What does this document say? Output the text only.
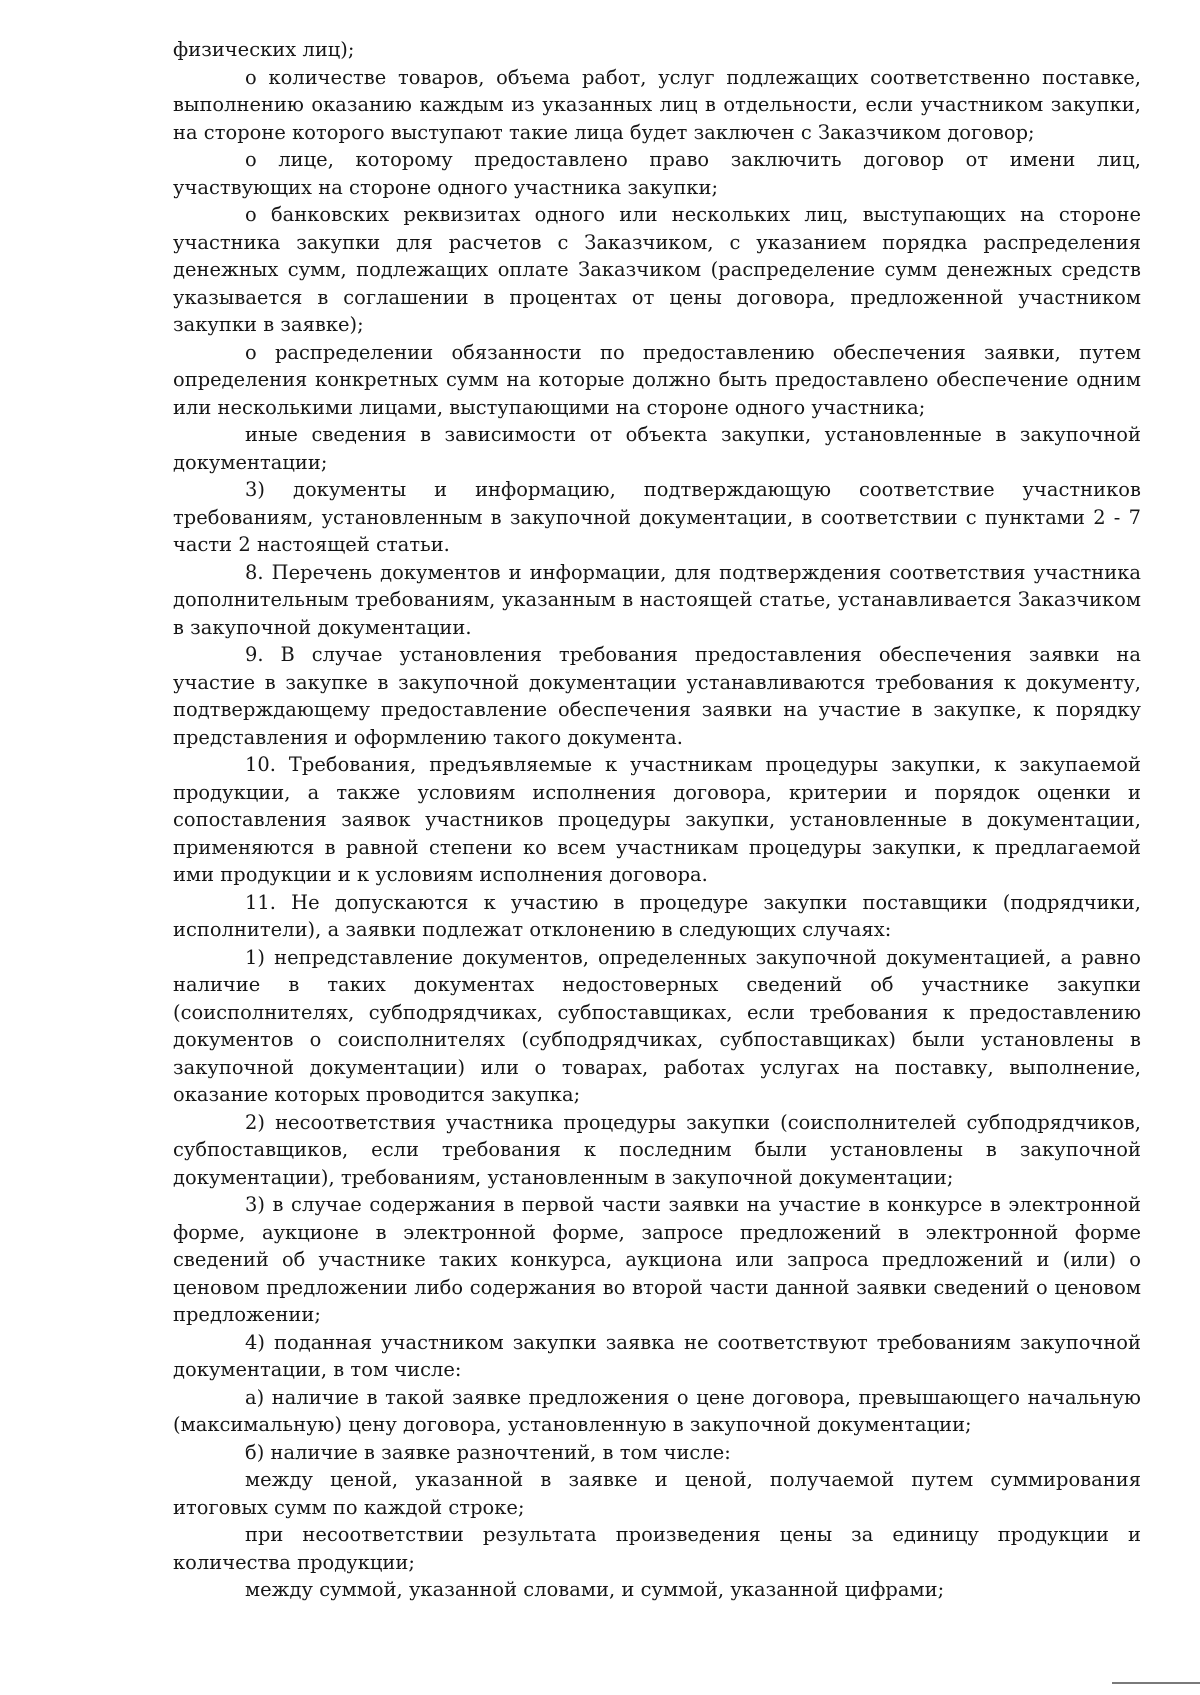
физических лиц);

о количестве товаров, объема работ, услуг подлежащих соответственно поставке, выполнению оказанию каждым из указанных лиц в отдельности, если участником закупки, на стороне которого выступают такие лица будет заключен с Заказчиком договор;

о лице, которому предоставлено право заключить договор от имени лиц, участвующих на стороне одного участника закупки;

о банковских реквизитах одного или нескольких лиц, выступающих на стороне участника закупки для расчетов с Заказчиком, с указанием порядка распределения денежных сумм, подлежащих оплате Заказчиком (распределение сумм денежных средств указывается в соглашении в процентах от цены договора, предложенной участником закупки в заявке);

о распределении обязанности по предоставлению обеспечения заявки, путем определения конкретных сумм на которые должно быть предоставлено обеспечение одним или несколькими лицами, выступающими на стороне одного участника;

иные сведения в зависимости от объекта закупки, установленные в закупочной документации;

3) документы и информацию, подтверждающую соответствие участников требованиям, установленным в закупочной документации, в соответствии с пунктами 2 - 7 части 2 настоящей статьи.

8. Перечень документов и информации, для подтверждения соответствия участника дополнительным требованиям, указанным в настоящей статье, устанавливается Заказчиком в закупочной документации.

9. В случае установления требования предоставления обеспечения заявки на участие в закупке в закупочной документации устанавливаются требования к документу, подтверждающему предоставление обеспечения заявки на участие в закупке, к порядку представления и оформлению такого документа.

10. Требования, предъявляемые к участникам процедуры закупки, к закупаемой продукции, а также условиям исполнения договора, критерии и порядок оценки и сопоставления заявок участников процедуры закупки, установленные в документации, применяются в равной степени ко всем участникам процедуры закупки, к предлагаемой ими продукции и к условиям исполнения договора.

11. Не допускаются к участию в процедуре закупки поставщики (подрядчики, исполнители), а заявки подлежат отклонению в следующих случаях:

1) непредставление документов, определенных закупочной документацией, а равно наличие в таких документах недостоверных сведений об участнике закупки (соисполнителях, субподрядчиках, субпоставщиках, если требования к предоставлению документов о соисполнителях (субподрядчиках, субпоставщиках) были установлены в закупочной документации) или о товарах, работах услугах на поставку, выполнение, оказание которых проводится закупка;

2) несоответствия участника процедуры закупки (соисполнителей субподрядчиков, субпоставщиков, если требования к последним были установлены в закупочной документации), требованиям, установленным в закупочной документации;

3) в случае содержания в первой части заявки на участие в конкурсе в электронной форме, аукционе в электронной форме, запросе предложений в электронной форме сведений об участнике таких конкурса, аукциона или запроса предложений и (или) о ценовом предложении либо содержания во второй части данной заявки сведений о ценовом предложении;

4) поданная участником закупки заявка не соответствуют требованиям закупочной документации, в том числе:

а) наличие в такой заявке предложения о цене договора, превышающего начальную (максимальную) цену договора, установленную в закупочной документации;

б) наличие в заявке разночтений, в том числе:

между ценой, указанной в заявке и ценой, получаемой путем суммирования итоговых сумм по каждой строке;

при несоответствии результата произведения цены за единицу продукции и количества продукции;

между суммой, указанной словами, и суммой, указанной цифрами;
